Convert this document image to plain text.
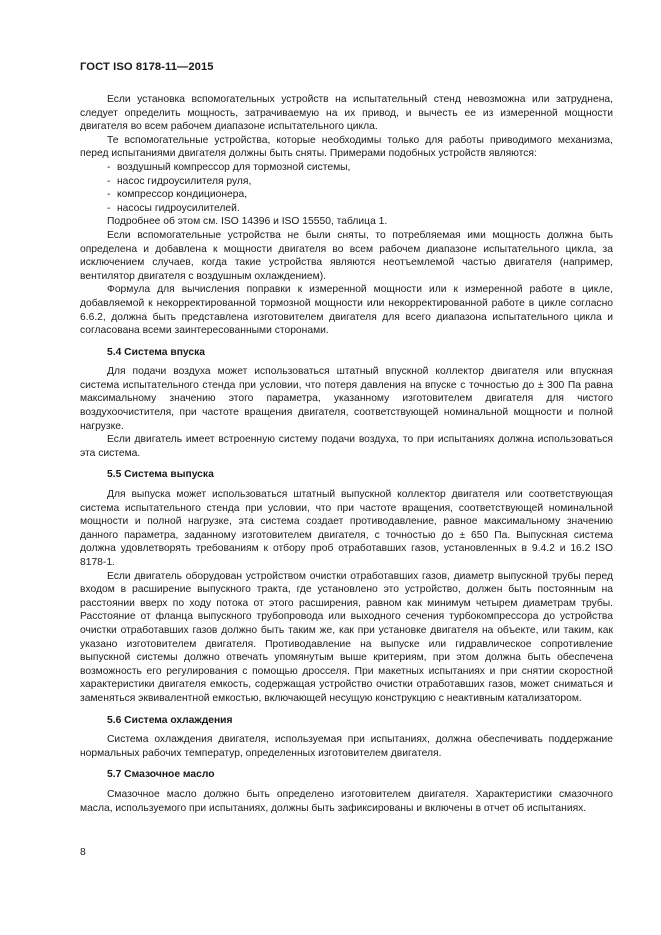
ГОСТ ISO 8178-11—2015

Если установка вспомогательных устройств на испытательный стенд невозможна или затруднена, следует определить мощность, затрачиваемую на их привод, и вычесть ее из измеренной мощности двигателя во всем рабочем диапазоне испытательного цикла.

Те вспомогательные устройства, которые необходимы только для работы приводимого механизма, перед испытаниями двигателя должны быть сняты. Примерами подобных устройств являются:

- воздушный компрессор для тормозной системы,
- насос гидроусилителя руля,
- компрессор кондиционера,
- насосы гидроусилителей.

Подробнее об этом см. ISO 14396 и ISO 15550, таблица 1.

Если вспомогательные устройства не были сняты, то потребляемая ими мощность должна быть определена и добавлена к мощности двигателя во всем рабочем диапазоне испытательного цикла, за исключением случаев, когда такие устройства являются неотъемлемой частью двигателя (например, вентилятор двигателя с воздушным охлаждением).

Формула для вычисления поправки к измеренной мощности или к измеренной работе в цикле, добавляемой к некорректированной тормозной мощности или некорректированной работе в цикле согласно 6.6.2, должна быть представлена изготовителем двигателя для всего диапазона испытательного цикла и согласована всеми заинтересованными сторонами.

5.4 Система впуска

Для подачи воздуха может использоваться штатный впускной коллектор двигателя или впускная система испытательного стенда при условии, что потеря давления на впуске с точностью до ± 300 Па равна максимальному значению этого параметра, указанному изготовителем двигателя для чистого воздухоочистителя, при частоте вращения двигателя, соответствующей номинальной мощности и полной нагрузке.

Если двигатель имеет встроенную систему подачи воздуха, то при испытаниях должна использоваться эта система.

5.5 Система выпуска

Для выпуска может использоваться штатный выпускной коллектор двигателя или соответствующая система испытательного стенда при условии, что при частоте вращения, соответствующей номинальной мощности и полной нагрузке, эта система создает противодавление, равное максимальному значению данного параметра, заданному изготовителем двигателя, с точностью до ± 650 Па. Выпускная система должна удовлетворять требованиям к отбору проб отработавших газов, установленных в 9.4.2 и 16.2 ISO 8178-1.

Если двигатель оборудован устройством очистки отработавших газов, диаметр выпускной трубы перед входом в расширение выпускного тракта, где установлено это устройство, должен быть постоянным на расстоянии вверх по ходу потока от этого расширения, равном как минимум четырем диаметрам трубы. Расстояние от фланца выпускного трубопровода или выходного сечения турбокомпрессора до устройства очистки отработавших газов должно быть таким же, как при установке двигателя на объекте, или таким, как указано изготовителем двигателя. Противодавление на выпуске или гидравлическое сопротивление выпускной системы должно отвечать упомянутым выше критериям, при этом должна быть обеспечена возможность его регулирования с помощью дросселя. При макетных испытаниях и при снятии скоростной характеристики двигателя емкость, содержащая устройство очистки отработавших газов, может сниматься и заменяться эквивалентной емкостью, включающей несущую конструкцию с неактивным катализатором.

5.6 Система охлаждения

Система охлаждения двигателя, используемая при испытаниях, должна обеспечивать поддержание нормальных рабочих температур, определенных изготовителем двигателя.

5.7 Смазочное масло

Смазочное масло должно быть определено изготовителем двигателя. Характеристики смазочного масла, используемого при испытаниях, должны быть зафиксированы и включены в отчет об испытаниях.

8
